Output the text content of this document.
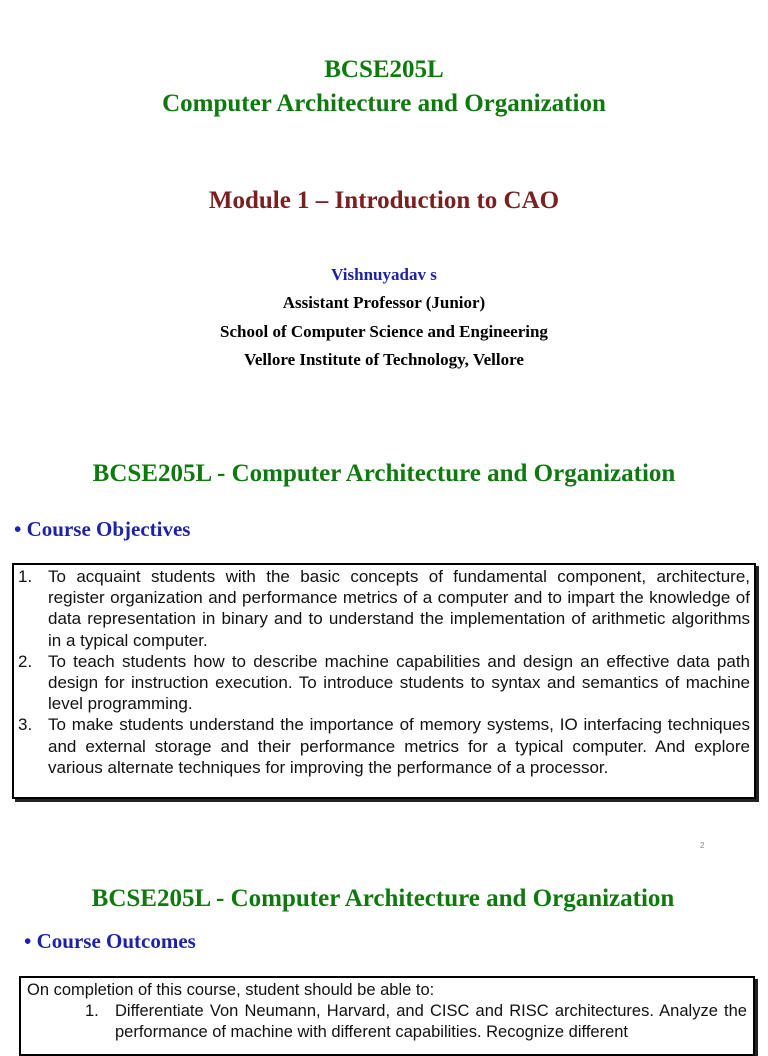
BCSE205L
Computer Architecture and Organization
Module 1 – Introduction to CAO
Vishnuyadav s
Assistant Professor (Junior)
School of Computer Science and Engineering
Vellore Institute of Technology, Vellore
BCSE205L - Computer Architecture and Organization
• Course Objectives
1. To acquaint students with the basic concepts of fundamental component, architecture, register organization and performance metrics of a computer and to impart the knowledge of data representation in binary and to understand the implementation of arithmetic algorithms in a typical computer.
2. To teach students how to describe machine capabilities and design an effective data path design for instruction execution. To introduce students to syntax and semantics of machine level programming.
3. To make students understand the importance of memory systems, IO interfacing techniques and external storage and their performance metrics for a typical computer. And explore various alternate techniques for improving the performance of a processor.
2
BCSE205L - Computer Architecture and Organization
• Course Outcomes
On completion of this course, student should be able to:
1. Differentiate Von Neumann, Harvard, and CISC and RISC architectures. Analyze the performance of machine with different capabilities. Recognize different
